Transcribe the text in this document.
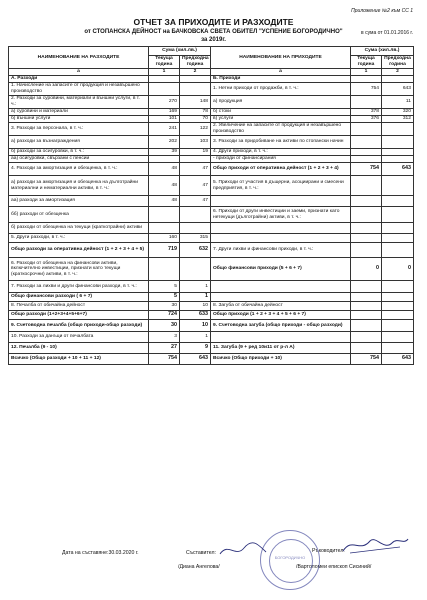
Приложение №2 към СС 1
ОТЧЕТ ЗА ПРИХОДИТЕ И РАЗХОДИТЕ
от СТОПАНСКА ДЕЙНОСТ на БАЧКОВСКА СВЕТА ОБИТЕЛ "УСПЕНИЕ БОГОРОДИЧНО"
за 2019г.
в сума от 01.01.2016 г.
НАИМЕНОВАНИЕ НА РАЗХОДИТЕ	Сума (хил.лв.)		НАИМЕНОВАНИЕ НА ПРИХОДИТЕ	Сума (хил.лв.)	
	Текуща година	Предходна година		Текуща година	Предходна година
а	1	2	а	1	2
А. Разходи			Б. Приходи		
1. Начисление на запасите от продукция и незавършено производство			1. Нетни приходи от продажби, в т. ч.:	754	643
2. Разходи за суровини, материали и външни услуги, в т. ч.:	270	148	а) продукция		11
а) суровини и материали	169	78	б) стоки	378	320
б) външни услуги	101	70	в) услуги	376	312
3. Разходи за персонала, в т. ч.:	241	122	2. Увеличение на запасите от продукция и незавършено производство		
а) разходи за възнаграждения	202	103	3. Разходи за придобиване на активи по стопански начин		
б) разходи за осигуровки, в т. ч.:	39	19	4. Други приходи, в т. ч.:		
аа) осигуровки, свързани с пенсии			- приходи от финансирания		
4. Разходи за амортизация и обезценка, в т. ч.:	48	47	Общо приходи от оперативна дейност (1 + 2 + 3 + 4)	754	643
а) разходи за амортизация и обезценка на дълготрайни материални и нематериални активи, в т. ч.:	48	47	5. Приходи от участия в дъщерни, асоциирани и смесени предприятия, в т. ч.:		
аа) разходи за амортизация	48	47			
бб) разходи от обезценка			6. Приходи от други инвестиции и заеми, признати като нетекущи (дълготрайни) активи, в т. ч.:		
б) разходи от обезценка на текущи (краткотрайни) активи					
5. Други разходи, в т. ч.:	160	315			
Общо разходи за оперативна дейност (1 + 2 + 3 + 4 + 5)	719	632	7. Други лихви и финансови приходи, в т. ч.:		
6. Разходи от обезценка на финансови активи, включително инвестиции, признати като текущи (краткосрочни) активи, в т. ч.:			Общо финансови приходи (5 + 6 + 7)	0	0
7. Разходи за лихви и други финансови разходи, в т. ч.:	5	1			
Общо финансови разходи ( 6 + 7)	5	1			
8. Печалба от обичайна дейност	30	10	8. Загуба от обичайна дейност		
Общо разходи (1+2+3+4+5+6+7)	724	633	Общо приходи (1 + 2 + 3 + 4 + 5 + 6 + 7)		
9. Счетоводна печалба (общо приходи-общо разходи)	30	10	9. Счетоводна загуба (общо приходи - общо разходи)		
10. Разходи за данъци от печалбата	3	1			
12. Печалба (9 - 10)	27	9	11. Загуба (9 + ред 10и11 от р-л А)		
Всичко (Общо разходи + 10 + 11 + 12)	754	643	Всичко (Общо приходи + 10)	754	643
Дата на съставяне:30.03.2020 г.	Съставител:	Ръководител:
/Диана Ангелова/	/Вартоломеи епископ Сисиний/
БОГОРОДИЧНО
